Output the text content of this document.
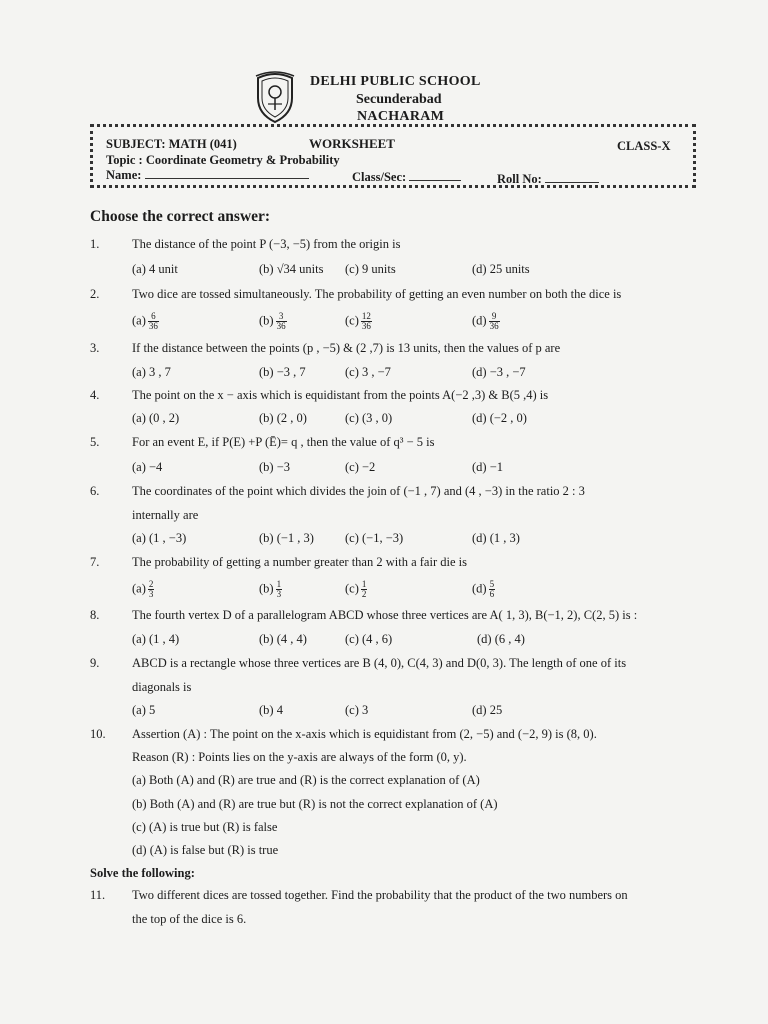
DELHI PUBLIC SCHOOL
Secunderabad
NACHARAM
SUBJECT: MATH (041)	WORKSHEET	CLASS-X
Topic : Coordinate Geometry & Probability
Name:	Class/Sec:	Roll No:
Choose the correct answer:
1.	The distance of the point P (−3, −5) from the origin is
(a) 4 unit	(b) √34 units (c) 9 units	(d) 25 units
2.	Two dice are tossed simultaneously. The probability of getting an even number on both the dice is
$(a) \frac{6}{36}$	$(b) \frac{3}{36}$	$(c) \frac{12}{36}$	$(d) \frac{9}{36}$
3.	If the distance between the points (p , −5) & (2 ,7) is 13 units, then the values of p are
(a) 3 , 7	(b) −3 , 7	(c) 3 , −7	(d) −3 , −7
4.	The point on the x − axis which is equidistant from the points A(−2 ,3) & B(5 ,4) is
(a) (0 , 2)	(b) (2 , 0)	(c) (3 , 0)	(d) (−2 , 0)
5.	For an event E, if P(E) +P (Ē)= q , then the value of q³ − 5 is
(a) −4	(b) −3	(c) −2	(d) −1
6.	The coordinates of the point which divides the join of (−1 , 7) and (4 , −3) in the ratio 2 : 3
internally are
(a) (1 , −3)	(b) (−1 , 3) (c) (−1, −3)	(d) (1 , 3)
7.	The probability of getting a number greater than 2 with a fair die is
$(a) \frac{2}{3}$	$(b) \frac{1}{3}$	$(c) \frac{1}{2}$	$(d) \frac{5}{6}$
8.	The fourth vertex D of a parallelogram ABCD whose three vertices are A( 1, 3), B(−1, 2), C(2, 5) is :
(a) (1 , 4)	(b) (4 , 4)	(c) (4 , 6)	(d) (6 , 4)
9.	ABCD is a rectangle whose three vertices are B (4, 0), C(4, 3) and D(0, 3). The length of one of its
diagonals is
(a) 5	(b) 4	(c) 3	(d) 25
10. Assertion (A) : The point on the x-axis which is equidistant from (2, −5) and (−2, 9) is (8, 0).
Reason (R) : Points lies on the y-axis are always of the form (0, y).
(a) Both (A) and (R) are true and (R) is the correct explanation of (A)
(b) Both (A) and (R) are true but (R) is not the correct explanation of (A)
(c) (A) is true but (R) is false
(d) (A) is false but (R) is true
Solve the following:
11. Two different dices are tossed together. Find the probability that the product of the two numbers on
the top of the dice is 6.
